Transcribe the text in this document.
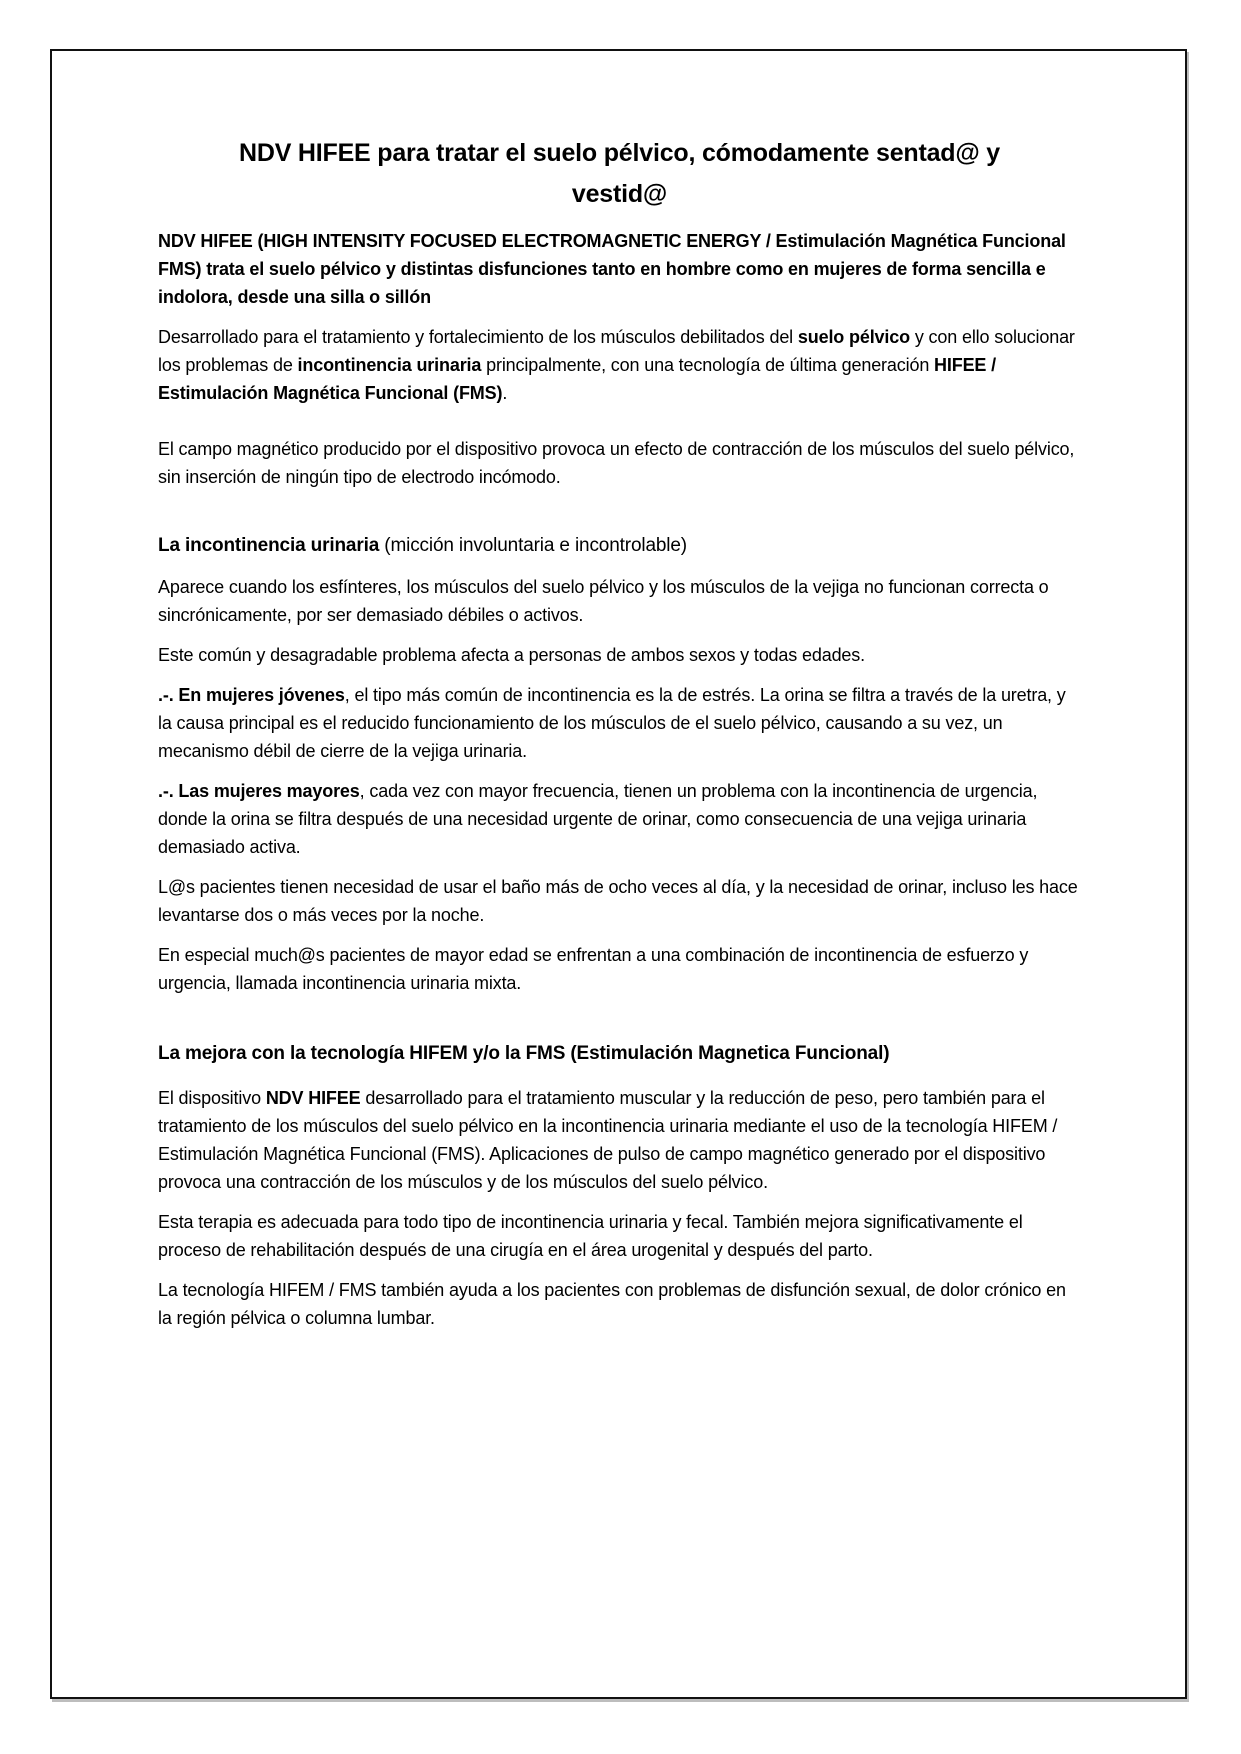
NDV HIFEE para tratar el suelo pélvico, cómodamente sentad@ y
vestid@

NDV HIFEE (HIGH INTENSITY FOCUSED ELECTROMAGNETIC ENERGY / Estimulación Magnética Funcional FMS) trata el suelo pélvico y distintas disfunciones tanto en hombre como en mujeres de forma sencilla e indolora, desde una silla o sillón

Desarrollado para el tratamiento y fortalecimiento de los músculos debilitados del suelo pélvico y con ello solucionar los problemas de incontinencia urinaria principalmente, con una tecnología de última generación HIFEE / Estimulación Magnética Funcional (FMS).

El campo magnético producido por el dispositivo provoca un efecto de contracción de los músculos del suelo pélvico, sin inserción de ningún tipo de electrodo incómodo.

La incontinencia urinaria (micción involuntaria e incontrolable)

Aparece cuando los esfínteres, los músculos del suelo pélvico y los músculos de la vejiga no funcionan correcta o sincrónicamente, por ser demasiado débiles o activos.

Este común y desagradable problema afecta a personas de ambos sexos y todas edades.

.-. En mujeres jóvenes, el tipo más común de incontinencia es la de estrés. La orina se filtra a través de la uretra, y la causa principal es el reducido funcionamiento de los músculos de el suelo pélvico, causando a su vez, un mecanismo débil de cierre de la vejiga urinaria.

.-. Las mujeres mayores, cada vez con mayor frecuencia, tienen un problema con la incontinencia de urgencia, donde la orina se filtra después de una necesidad urgente de orinar, como consecuencia de una vejiga urinaria demasiado activa.

L@s pacientes tienen necesidad de usar el baño más de ocho veces al día, y la necesidad de orinar, incluso les hace levantarse dos o más veces por la noche.

En especial much@s pacientes de mayor edad se enfrentan a una combinación de incontinencia de esfuerzo y urgencia, llamada incontinencia urinaria mixta.

La mejora con la tecnología HIFEM y/o la FMS (Estimulación Magnetica Funcional)

El dispositivo NDV HIFEE desarrollado para el tratamiento muscular y la reducción de peso, pero también para el tratamiento de los músculos del suelo pélvico en la incontinencia urinaria mediante el uso de la tecnología HIFEM / Estimulación Magnética Funcional (FMS). Aplicaciones de pulso de campo magnético generado por el dispositivo provoca una contracción de los músculos y de los músculos del suelo pélvico.

Esta terapia es adecuada para todo tipo de incontinencia urinaria y fecal. También mejora significativamente el proceso de rehabilitación después de una cirugía en el área urogenital y después del parto.

La tecnología HIFEM / FMS también ayuda a los pacientes con problemas de disfunción sexual, de dolor crónico en la región pélvica o columna lumbar.
